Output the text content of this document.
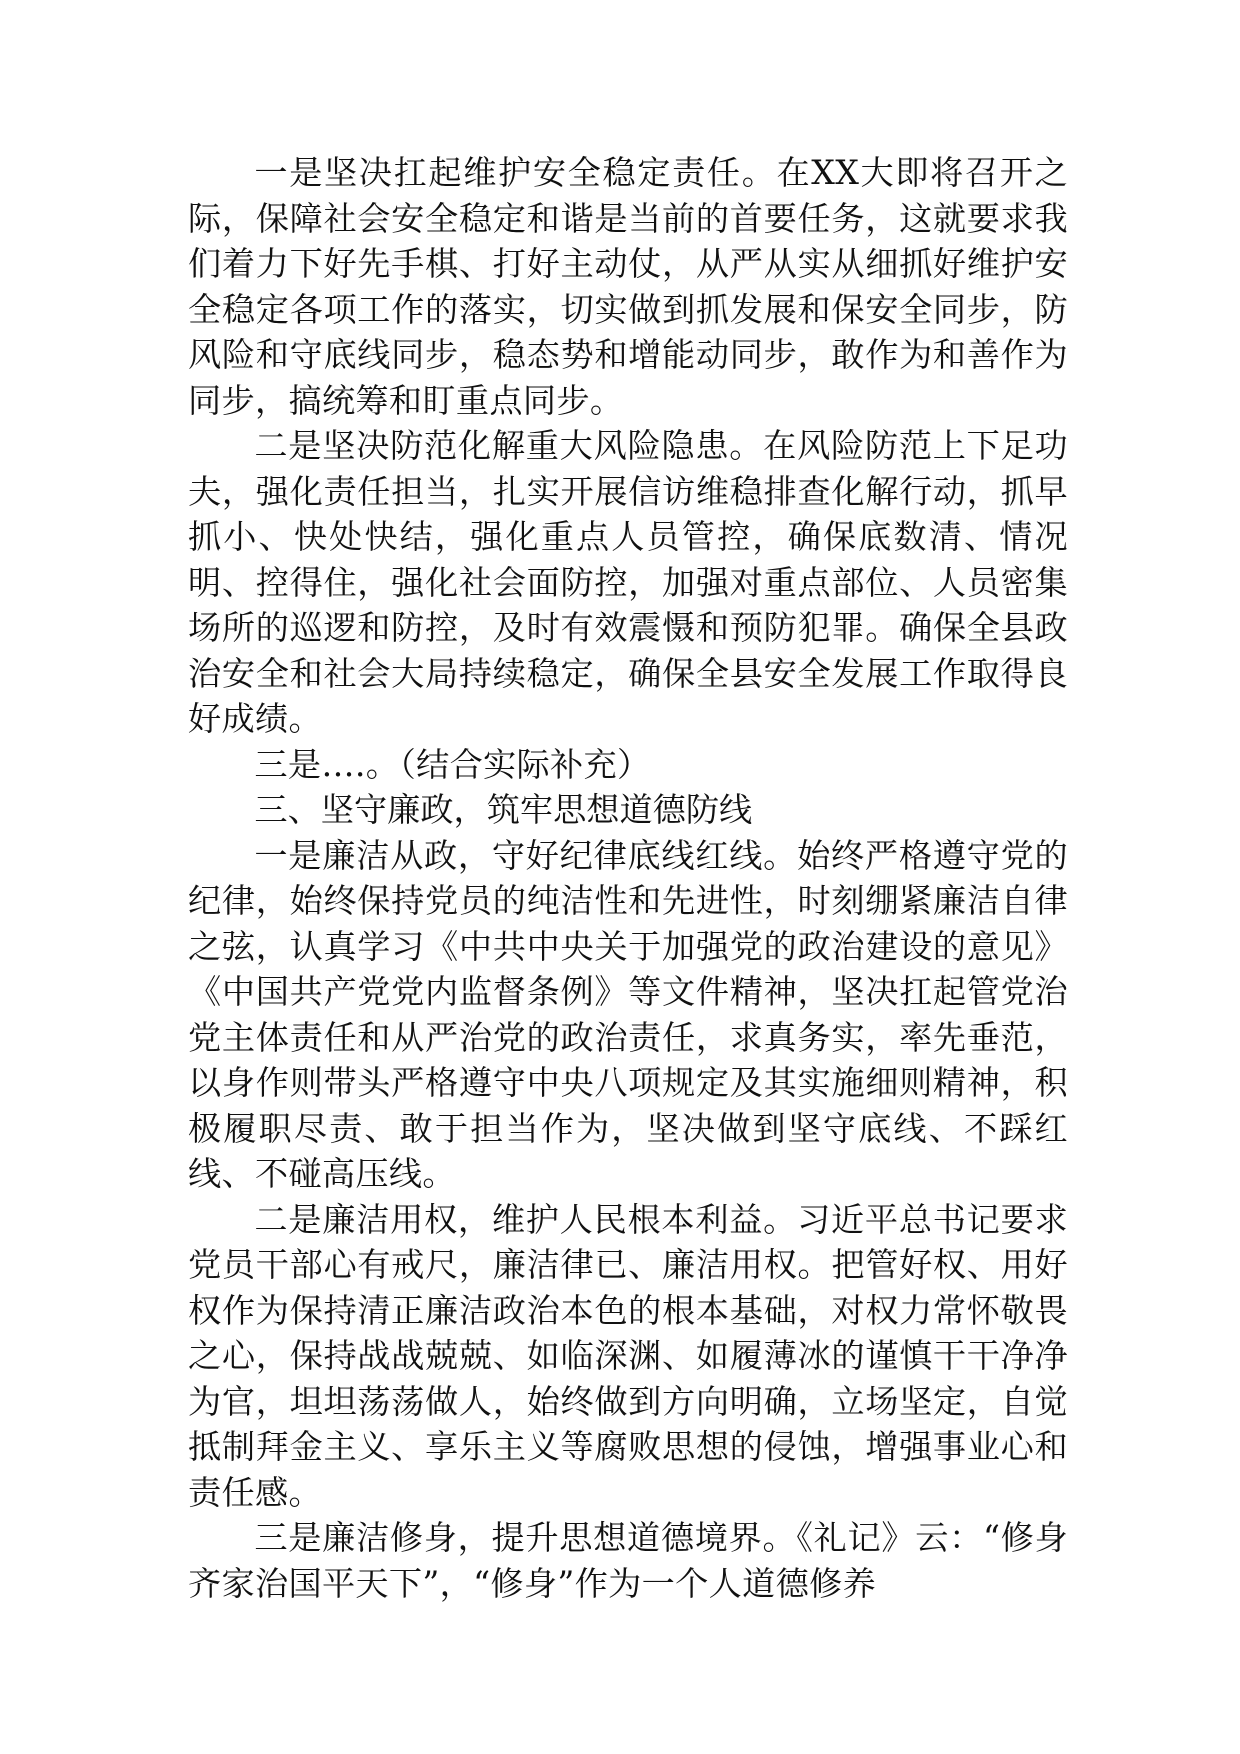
一是坚决扛起维护安全稳定责任。在XX大即将召开之际，保障社会安全稳定和谐是当前的首要任务，这就要求我们着力下好先手棋、打好主动仗，从严从实从细抓好维护安全稳定各项工作的落实，切实做到抓发展和保安全同步，防风险和守底线同步，稳态势和增能动同步，敢作为和善作为同步，搞统筹和盯重点同步。

二是坚决防范化解重大风险隐患。在风险防范上下足功夫，强化责任担当，扎实开展信访维稳排查化解行动，抓早抓小、快处快结，强化重点人员管控，确保底数清、情况明、控得住，强化社会面防控，加强对重点部位、人员密集场所的巡逻和防控，及时有效震慑和预防犯罪。确保全县政治安全和社会大局持续稳定，确保全县安全发展工作取得良好成绩。

三是….。（结合实际补充）

三、坚守廉政，筑牢思想道德防线

一是廉洁从政，守好纪律底线红线。始终严格遵守党的纪律，始终保持党员的纯洁性和先进性，时刻绷紧廉洁自律之弦，认真学习《中共中央关于加强党的政治建设的意见》《中国共产党党内监督条例》等文件精神，坚决扛起管党治党主体责任和从严治党的政治责任，求真务实，率先垂范，以身作则带头严格遵守中央八项规定及其实施细则精神，积极履职尽责、敢于担当作为，坚决做到坚守底线、不踩红线、不碰高压线。

二是廉洁用权，维护人民根本利益。习近平总书记要求党员干部心有戒尺，廉洁律已、廉洁用权。把管好权、用好权作为保持清正廉洁政治本色的根本基础，对权力常怀敬畏之心，保持战战兢兢、如临深渊、如履薄冰的谨慎干干净净为官，坦坦荡荡做人，始终做到方向明确，立场坚定，自觉抵制拜金主义、享乐主义等腐败思想的侵蚀，增强事业心和责任感。

三是廉洁修身，提升思想道德境界。《礼记》云：“修身齐家治国平天下”，“修身”作为一个人道德修养
